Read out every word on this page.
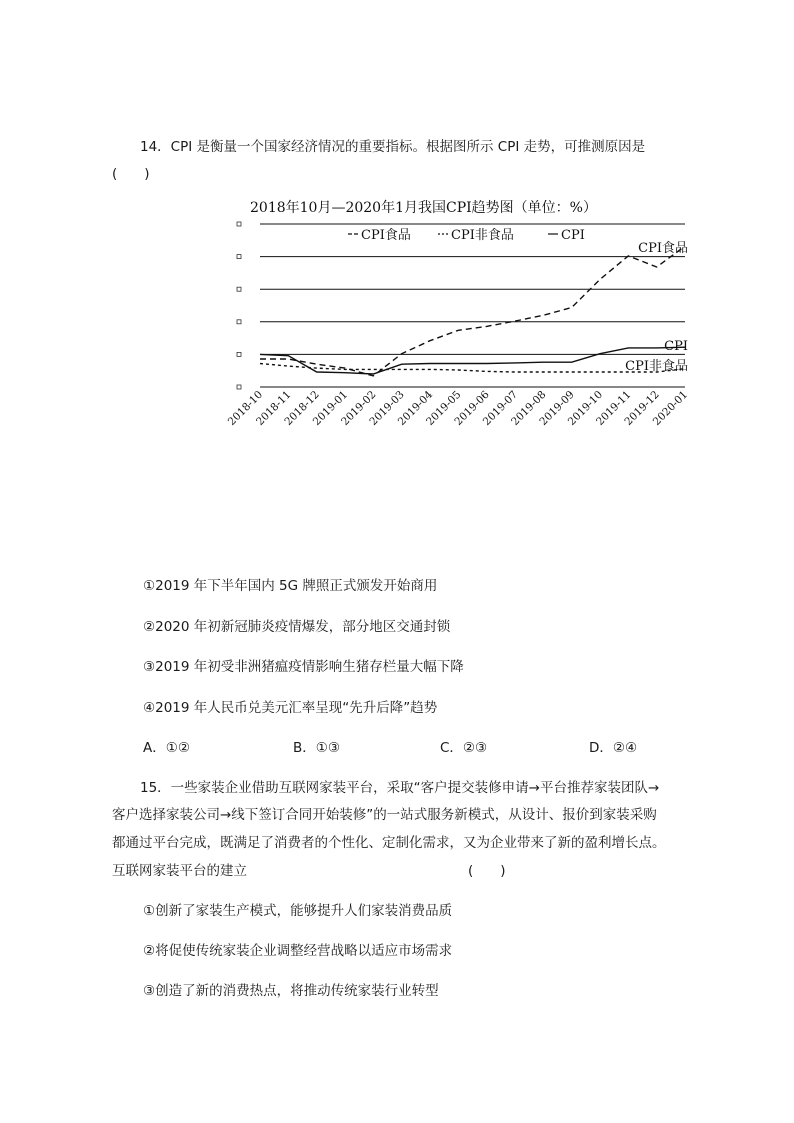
14．CPI 是衡量一个国家经济情况的重要指标。根据图所示 CPI 走势，可推测原因是
(　　)
2018年10月—2020年1月我国CPI趋势图（单位：%）
CPI食品	CPI非食品	CPI
CPI食品
CPI
CPI非食品
2018-10
2018-11
2018-12
2019-01
2019-02
2019-03
2019-04
2019-05
2019-06
2019-07
2019-08
2019-09
2019-10
2019-11
2019-12
2020-01
①2019 年下半年国内 5G 牌照正式颁发开始商用
②2020 年初新冠肺炎疫情爆发，部分地区交通封锁
③2019 年初受非洲猪瘟疫情影响生猪存栏量大幅下降
④2019 年人民币兑美元汇率呈现“先升后降”趋势
A．①②	B．①③	C．②③	D．②④
15．一些家装企业借助互联网家装平台，采取“客户提交装修申请→平台推荐家装团队→
客户选择家装公司→线下签订合同开始装修”的一站式服务新模式，从设计、报价到家装采购
都通过平台完成，既满足了消费者的个性化、定制化需求，又为企业带来了新的盈利增长点。
互联网家装平台的建立	(　　)
①创新了家装生产模式，能够提升人们家装消费品质
②将促使传统家装企业调整经营战略以适应市场需求
③创造了新的消费热点，将推动传统家装行业转型
